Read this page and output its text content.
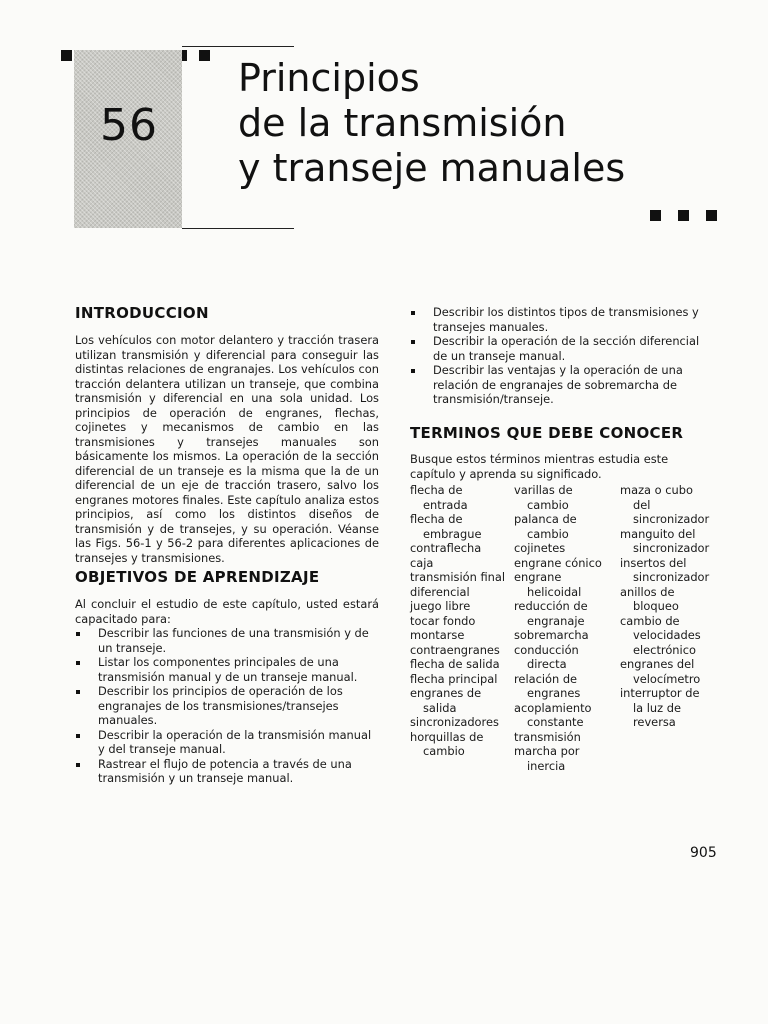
56
Principios
de la transmisión
y transeje manuales
INTRODUCCION

Los vehículos con motor delantero y tracción trasera utilizan transmisión y diferencial para conseguir las distintas relaciones de engranajes. Los vehículos con tracción delantera utilizan un transeje, que combina transmisión y diferencial en una sola unidad. Los principios de operación de engranes, flechas, cojinetes y mecanismos de cambio en las transmisiones y transejes manuales son básicamente los mismos. La operación de la sección diferencial de un transeje es la misma que la de un diferencial de un eje de tracción trasero, salvo los engranes motores finales. Este capítulo analiza estos principios, así como los distintos diseños de transmisión y de transejes, y su operación. Véanse las Figs. 56-1 y 56-2 para diferentes aplicaciones de transejes y transmisiones.

OBJETIVOS DE APRENDIZAJE

Al concluir el estudio de este capítulo, usted estará capacitado para:

Describir las funciones de una transmisión y de un transeje.
Listar los componentes principales de una transmisión manual y de un transeje manual.
Describir los principios de operación de los engranajes de los transmisiones/transejes manuales.
Describir la operación de la transmisión manual y del transeje manual.
Rastrear el flujo de potencia a través de una transmisión y un transeje manual.
Describir los distintos tipos de transmisiones y transejes manuales.
Describir la operación de la sección diferencial de un transeje manual.
Describir las ventajas y la operación de una relación de engranajes de sobremarcha de transmisión/transeje.
TERMINOS QUE DEBE CONOCER

Busque estos términos mientras estudia este capítulo y aprenda su significado.

flecha de
entrada
flecha de
embrague
contraflecha
caja
transmisión final
diferencial
juego libre
tocar fondo
montarse
contraengranes
flecha de salida
flecha principal
engranes de
salida
sincronizadores
horquillas de
cambio
varillas de
cambio
palanca de
cambio
cojinetes
engrane cónico
engrane
helicoidal
reducción de
engranaje
sobremarcha
conducción
directa
relación de
engranes
acoplamiento
constante
transmisión
marcha por
inercia
maza o cubo
del
sincronizador
manguito del
sincronizador
insertos del
sincronizador
anillos de
bloqueo
cambio de
velocidades
electrónico
engranes del
velocímetro
interruptor de
la luz de
reversa
905
